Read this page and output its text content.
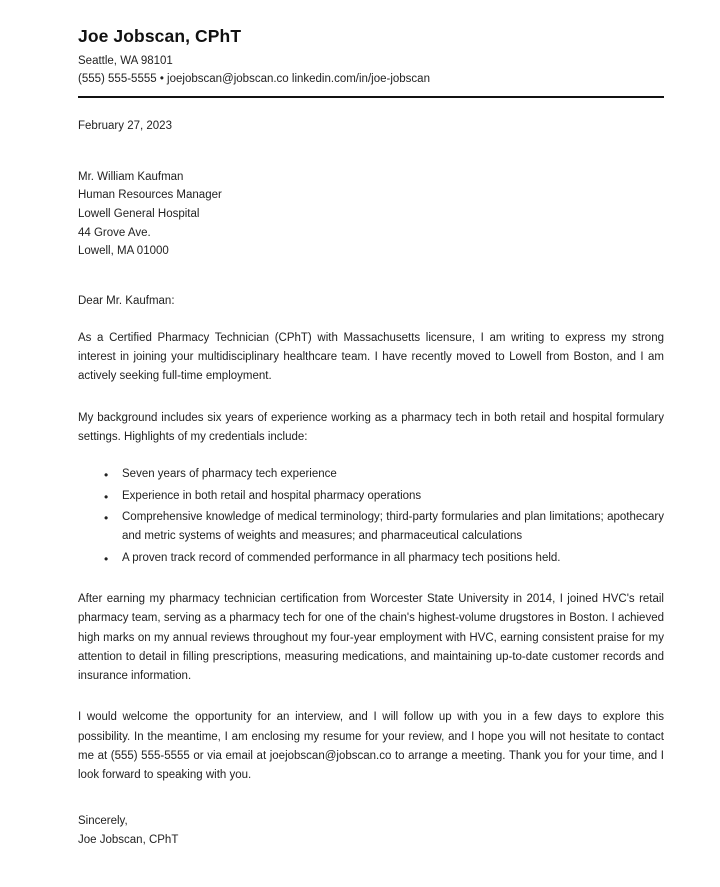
Joe Jobscan, CPhT
Seattle, WA 98101
(555) 555-5555 • joejobscan@jobscan.co linkedin.com/in/joe-jobscan
February 27, 2023
Mr. William Kaufman
Human Resources Manager
Lowell General Hospital
44 Grove Ave.
Lowell, MA 01000
Dear Mr. Kaufman:

As a Certified Pharmacy Technician (CPhT) with Massachusetts licensure, I am writing to express my strong interest in joining your multidisciplinary healthcare team. I have recently moved to Lowell from Boston, and I am actively seeking full-time employment.

My background includes six years of experience working as a pharmacy tech in both retail and hospital formulary settings. Highlights of my credentials include:

• Seven years of pharmacy tech experience
• Experience in both retail and hospital pharmacy operations
• Comprehensive knowledge of medical terminology; third-party formularies and plan limitations; apothecary and metric systems of weights and measures; and pharmaceutical calculations
• A proven track record of commended performance in all pharmacy tech positions held.

After earning my pharmacy technician certification from Worcester State University in 2014, I joined HVC's retail pharmacy team, serving as a pharmacy tech for one of the chain's highest-volume drugstores in Boston. I achieved high marks on my annual reviews throughout my four-year employment with HVC, earning consistent praise for my attention to detail in filling prescriptions, measuring medications, and maintaining up-to-date customer records and insurance information.

I would welcome the opportunity for an interview, and I will follow up with you in a few days to explore this possibility. In the meantime, I am enclosing my resume for your review, and I hope you will not hesitate to contact me at (555) 555-5555 or via email at joejobscan@jobscan.co to arrange a meeting. Thank you for your time, and I look forward to speaking with you.

Sincerely,
Joe Jobscan, CPhT
